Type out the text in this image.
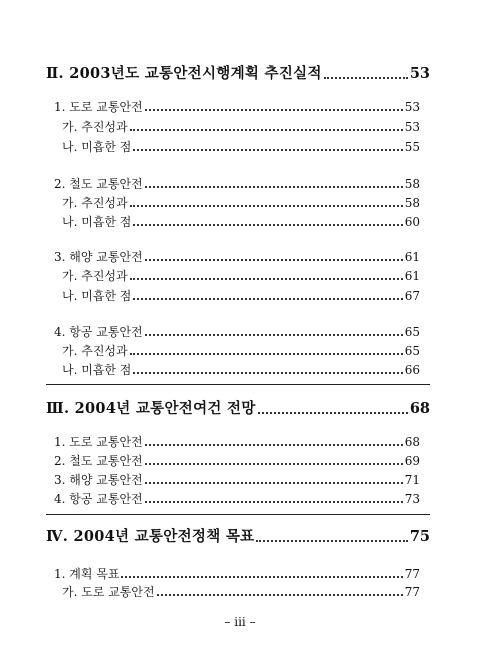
Ⅱ. 2003년도 교통안전시행계획 추진실적	53
1. 도로 교통안전	53
가. 추진성과	53
나. 미흡한 점	55
2. 철도 교통안전	58
가. 추진성과	58
나. 미흡한 점	60
3. 해양 교통안전	61
가. 추진성과	61
나. 미흡한 점	67
4. 항공 교통안전	65
가. 추진성과	65
나. 미흡한 점	66
Ⅲ. 2004년 교통안전여건 전망	68
1. 도로 교통안전	68
2. 철도 교통안전	69
3. 해양 교통안전	71
4. 항공 교통안전	73
Ⅳ. 2004년 교통안전정책 목표	75
1. 계획 목표	77
가. 도로 교통안전	77
– iii –
